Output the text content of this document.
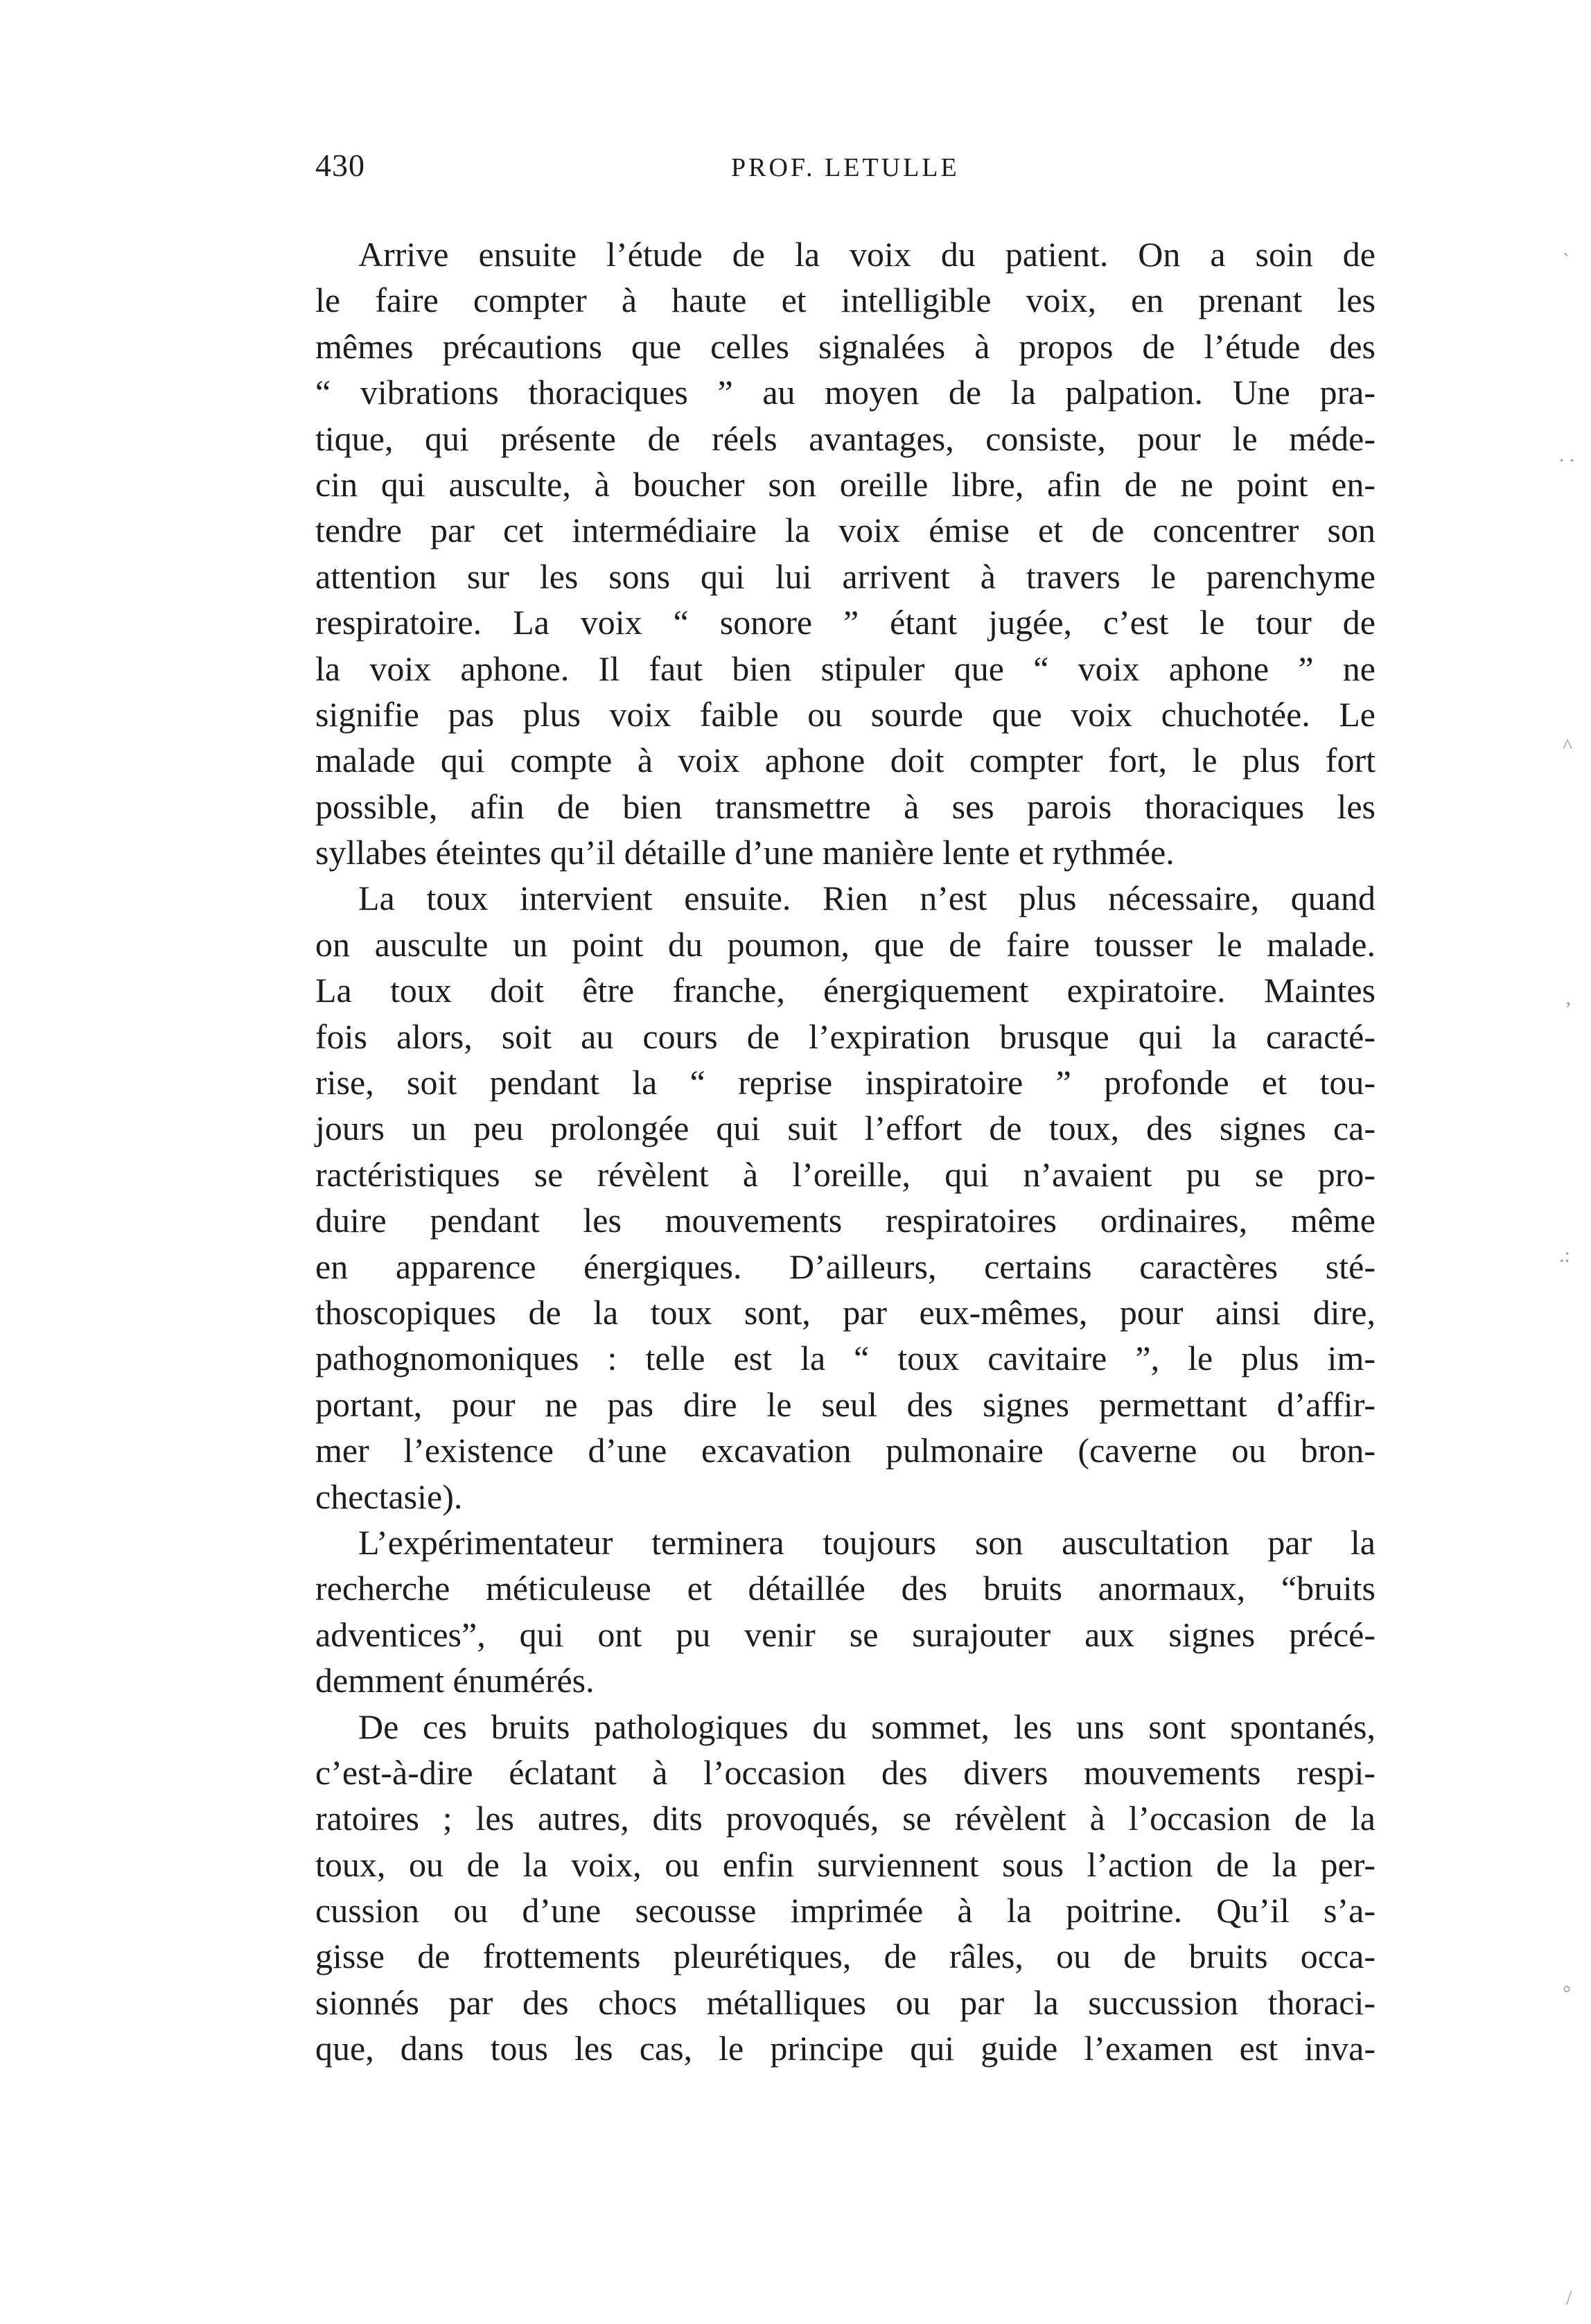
430	PROF. LETULLE
Arrive ensuite l’étude de la voix du patient. On a soin de
le faire compter à haute et intelligible voix, en prenant les
mêmes précautions que celles signalées à propos de l’étude des
“ vibrations thoraciques ” au moyen de la palpation. Une pra-
tique, qui présente de réels avantages, consiste, pour le méde-
cin qui ausculte, à boucher son oreille libre, afin de ne point en-
tendre par cet intermédiaire la voix émise et de concentrer son
attention sur les sons qui lui arrivent à travers le parenchyme
respiratoire. La voix “ sonore ” étant jugée, c’est le tour de
la voix aphone. Il faut bien stipuler que “ voix aphone ” ne
signifie pas plus voix faible ou sourde que voix chuchotée. Le
malade qui compte à voix aphone doit compter fort, le plus fort
possible, afin de bien transmettre à ses parois thoraciques les
syllabes éteintes qu’il détaille d’une manière lente et rythmée.
La toux intervient ensuite. Rien n’est plus nécessaire, quand
on ausculte un point du poumon, que de faire tousser le malade.
La toux doit être franche, énergiquement expiratoire. Maintes
fois alors, soit au cours de l’expiration brusque qui la caracté-
rise, soit pendant la “ reprise inspiratoire ” profonde et tou-
jours un peu prolongée qui suit l’effort de toux, des signes ca-
ractéristiques se révèlent à l’oreille, qui n’avaient pu se pro-
duire pendant les mouvements respiratoires ordinaires, même
en apparence énergiques. D’ailleurs, certains caractères sté-
thoscopiques de la toux sont, par eux-mêmes, pour ainsi dire,
pathognomoniques : telle est la “ toux cavitaire ”, le plus im-
portant, pour ne pas dire le seul des signes permettant d’affir-
mer l’existence d’une excavation pulmonaire (caverne ou bron-
chectasie).
L’expérimentateur terminera toujours son auscultation par la
recherche méticuleuse et détaillée des bruits anormaux, “bruits
adventices”, qui ont pu venir se surajouter aux signes précé-
demment énumérés.
De ces bruits pathologiques du sommet, les uns sont spontanés,
c’est-à-dire éclatant à l’occasion des divers mouvements respi-
ratoires ; les autres, dits provoqués, se révèlent à l’occasion de la
toux, ou de la voix, ou enfin surviennent sous l’action de la per-
cussion ou d’une secousse imprimée à la poitrine. Qu’il s’a-
gisse de frottements pleurétiques, de râles, ou de bruits occa-
sionnés par des chocs métalliques ou par la succussion thoraci-
que, dans tous les cas, le principe qui guide l’examen est inva-
`
. .
^
’
.:
°
/
